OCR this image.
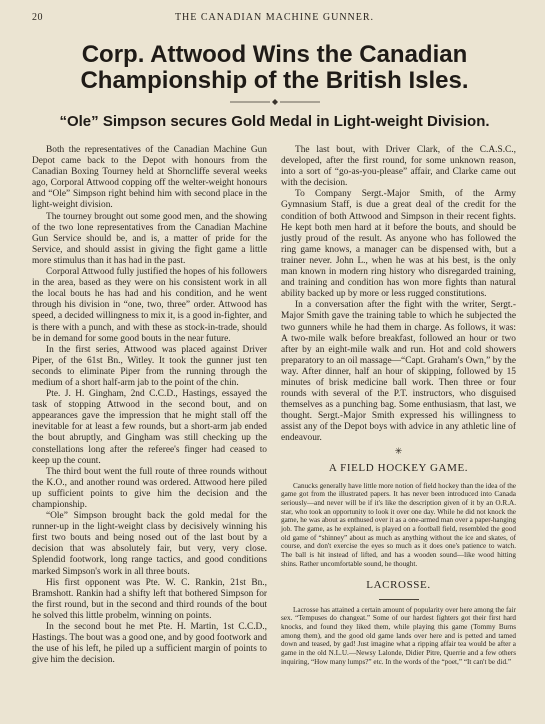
20	THE CANADIAN MACHINE GUNNER.
Corp. Attwood Wins the Canadian Championship of the British Isles.
“Ole” Simpson secures Gold Medal in Light-weight Division.

Both the representatives of the Canadian Machine Gun Depot came back to the Depot with honours from the Canadian Boxing Tourney held at Shorncliffe several weeks ago, Corporal Attwood copping off the welter-weight honours and “Ole” Simpson right behind him with second place in the light-weight division.

The tourney brought out some good men, and the showing of the two lone representatives from the Canadian Machine Gun Service should be, and is, a matter of pride for the Service, and should assist in giving the fight game a little more stimulus than it has had in the past.

Corporal Attwood fully justified the hopes of his followers in the area, based as they were on his consistent work in all the local bouts he has had and his condition, and he went through his division in “one, two, three” order. Attwood has speed, a decided willingness to mix it, is a good in-fighter, and is there with a punch, and with these as stock-in-trade, should be in demand for some good bouts in the near future.

In the first series, Attwood was placed against Driver Piper, of the 61st Bn., Witley. It took the gunner just ten seconds to eliminate Piper from the running through the medium of a short half-arm jab to the point of the chin.

Pte. J. H. Gingham, 2nd C.C.D., Hastings, essayed the task of stopping Attwood in the second bout, and on appearances gave the impression that he might stall off the inevitable for at least a few rounds, but a short-arm jab ended the bout abruptly, and Gingham was still checking up the constellations long after the referee's finger had ceased to keep up the count.

The third bout went the full route of three rounds without the K.O., and another round was ordered. Attwood here piled up sufficient points to give him the decision and the championship.

“Ole” Simpson brought back the gold medal for the runner-up in the light-weight class by decisively winning his first two bouts and being nosed out of the last bout by a decision that was absolutely fair, but very, very close. Splendid footwork, long range tactics, and good conditions marked Simpson's work in all three bouts.

His first opponent was Pte. W. C. Rankin, 21st Bn., Bramshott. Rankin had a shifty left that bothered Simpson for the first round, but in the second and third rounds of the bout he solved this little probelm, winning on points.

In the second bout he met Pte. H. Martin, 1st C.C.D., Hastings. The bout was a good one, and by good footwork and the use of his left, he piled up a sufficient margin of points to give him the decision.

The last bout, with Driver Clark, of the C.A.S.C., developed, after the first round, for some unknown reason, into a sort of “go-as-you-please” affair, and Clarke came out with the decision.

To Company Sergt.-Major Smith, of the Army Gymnasium Staff, is due a great deal of the credit for the condition of both Attwood and Simpson in their recent fights. He kept both men hard at it before the bouts, and should be justly proud of the result. As anyone who has followed the ring game knows, a manager can be dispensed with, but a trainer never. John L., when he was at his best, is the only man known in modern ring history who disregarded training, and training and condition has won more fights than natural ability backed up by more or less rugged constitutions.

In a conversation after the fight with the writer, Sergt.-Major Smith gave the training table to which he subjected the two gunners while he had them in charge. As follows, it was: A two-mile walk before breakfast, followed an hour or two after by an eight-mile walk and run. Hot and cold showers preparatory to an oil massage—“Capt. Graham's Own,” by the way. After dinner, half an hour of skipping, followed by 15 minutes of brisk medicine ball work. Then three or four rounds with several of the P.T. instructors, who disguised themselves as a punching bag. Some enthusiasm, that last, we thought. Sergt.-Major Smith expressed his willingness to assist any of the Depot boys with advice in any athletic line of endeavour.

✳
A FIELD HOCKEY GAME.

Canucks generally have little more notion of field hockey than the idea of the game got from the illustrated papers. It has never been introduced into Canada seriously—and never will be if it's like the description given of it by an O.R.A. star, who took an opportunity to look it over one day. While he did not knock the game, he was about as enthused over it as a one-armed man over a paper-hanging job. The game, as he explained, is played on a football field, resembled the good old game of “shinney” about as much as anything without the ice and skates, of course, and don't exercise the eyes so much as it does one's patience to watch. The ball is hit instead of lifted, and has a wooden sound—like wood hitting shins. Rather uncomfortable sound, he thought.

LACROSSE.

Lacrosse has attained a certain amount of popularity over here among the fair sex. “Tempuses do changeat.” Some of our hardest fighters got their first hard knocks, and found they liked them, while playing this game (Tommy Burns among them), and the good old game lands over here and is petted and tamed down and teased, by gad! Just imagine what a ripping affair tea would be after a game in the old N.L.U.—Newsy Lalonde, Didier Pitre, Querrie and a few others inquiring, “How many lumps?” etc. In the words of the “poet,” “It can't be did.”
